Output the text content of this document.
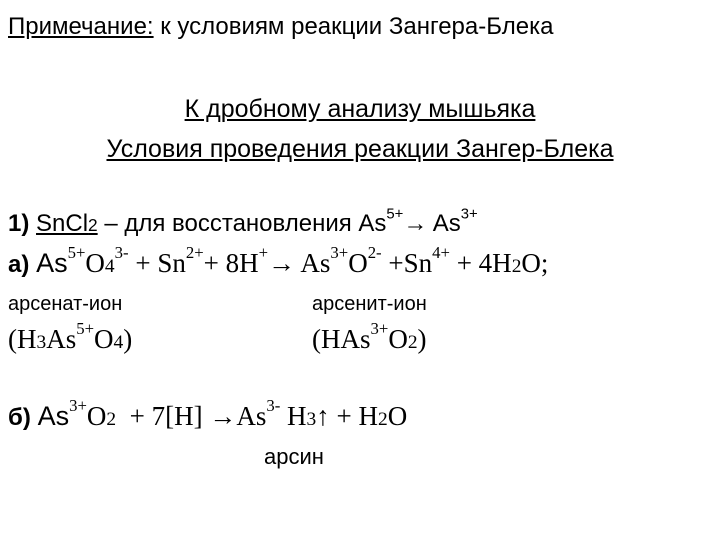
Примечание: к условиям реакции Зангера-Блека
К дробному анализу мышьяка
Условия проведения реакции Зангер-Блека
1) SnCl2 – для восстановления $As^{5+}\to As^{3+}$
а) $As^{5+}O4^{3-} + Sn^{2+}+ 8H^+\to As^{3+}O^{2-} +Sn^{4+} + 4H2O$;
арсенат-ион	арсенит-ион
$(H3As^{5+}O4)$	(HAs$^{3+}$O2)
б) $As^{3+}O2 + 7[H] \to As^{3-}$ H3↑ + H2O
арсин
